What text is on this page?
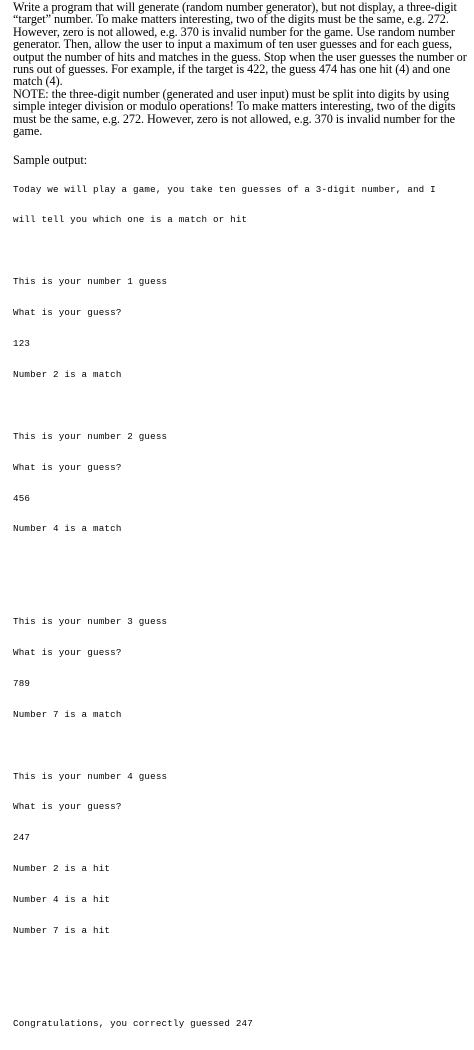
Write a program that will generate (random number generator), but not display, a three-digit “target” number. To make matters interesting, two of the digits must be the same, e.g. 272. However, zero is not allowed, e.g. 370 is invalid number for the game. Use random number generator. Then, allow the user to input a maximum of ten user guesses and for each guess, output the number of hits and matches in the guess. Stop when the user guesses the number or runs out of guesses. For example, if the target is 422, the guess 474 has one hit (4) and one match (4).

NOTE: the three-digit number (generated and user input) must be split into digits by using simple integer division or modulo operations! To make matters interesting, two of the digits must be the same, e.g. 272. However, zero is not allowed, e.g. 370 is invalid number for the game.

Sample output:

Today we will play a game, you take ten guesses of a 3-digit number, and I

will tell you which one is a match or hit

This is your number 1 guess

What is your guess?

123

Number 2 is a match

This is your number 2 guess

What is your guess?

456

Number 4 is a match

This is your number 3 guess

What is your guess?

789

Number 7 is a match

This is your number 4 guess

What is your guess?

247

Number 2 is a hit

Number 4 is a hit

Number 7 is a hit

Congratulations, you correctly guessed 247
